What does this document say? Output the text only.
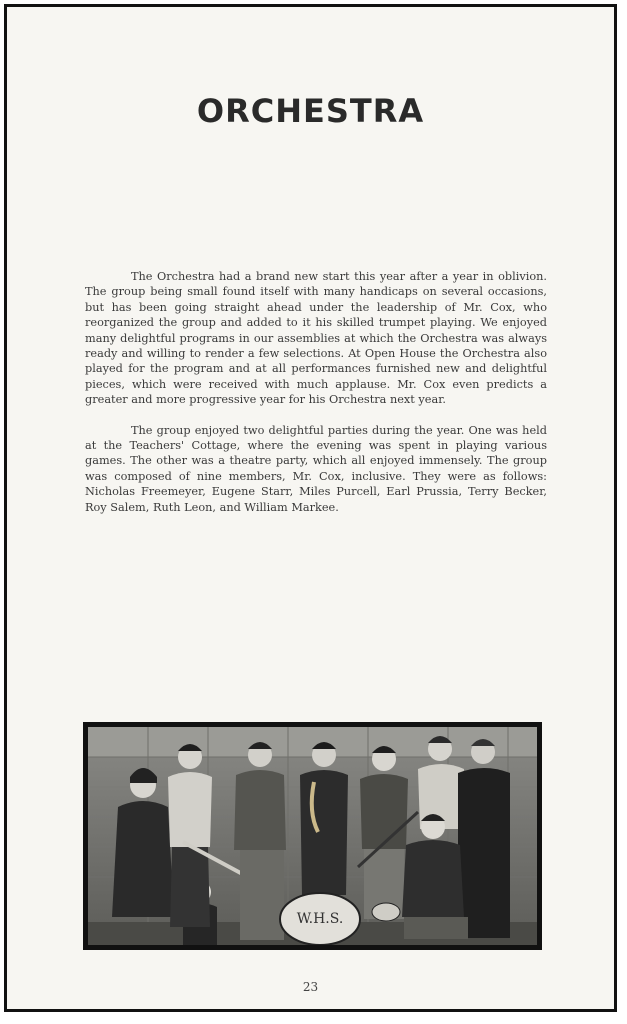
ORCHESTRA

The Orchestra had a brand new start this year after a year in oblivion. The group being small found itself with many handicaps on several occasions, but has been going straight ahead under the leadership of Mr. Cox, who reorganized the group and added to it his skilled trumpet playing. We enjoyed many delightful programs in our assemblies at which the Orchestra was always ready and willing to render a few selections. At Open House the Orchestra also played for the program and at all performances furnished new and delightful pieces, which were received with much applause. Mr. Cox even predicts a greater and more progressive year for his Orchestra next year.

The group enjoyed two delightful parties during the year. One was held at the Teachers' Cottage, where the evening was spent in playing various games. The other was a theatre party, which all enjoyed immensely. The group was composed of nine members, Mr. Cox, inclusive. They were as follows: Nicholas Freemeyer, Eugene Starr, Miles Purcell, Earl Prussia, Terry Becker, Roy Salem, Ruth Leon, and William Markee.

W.H.S.
23
